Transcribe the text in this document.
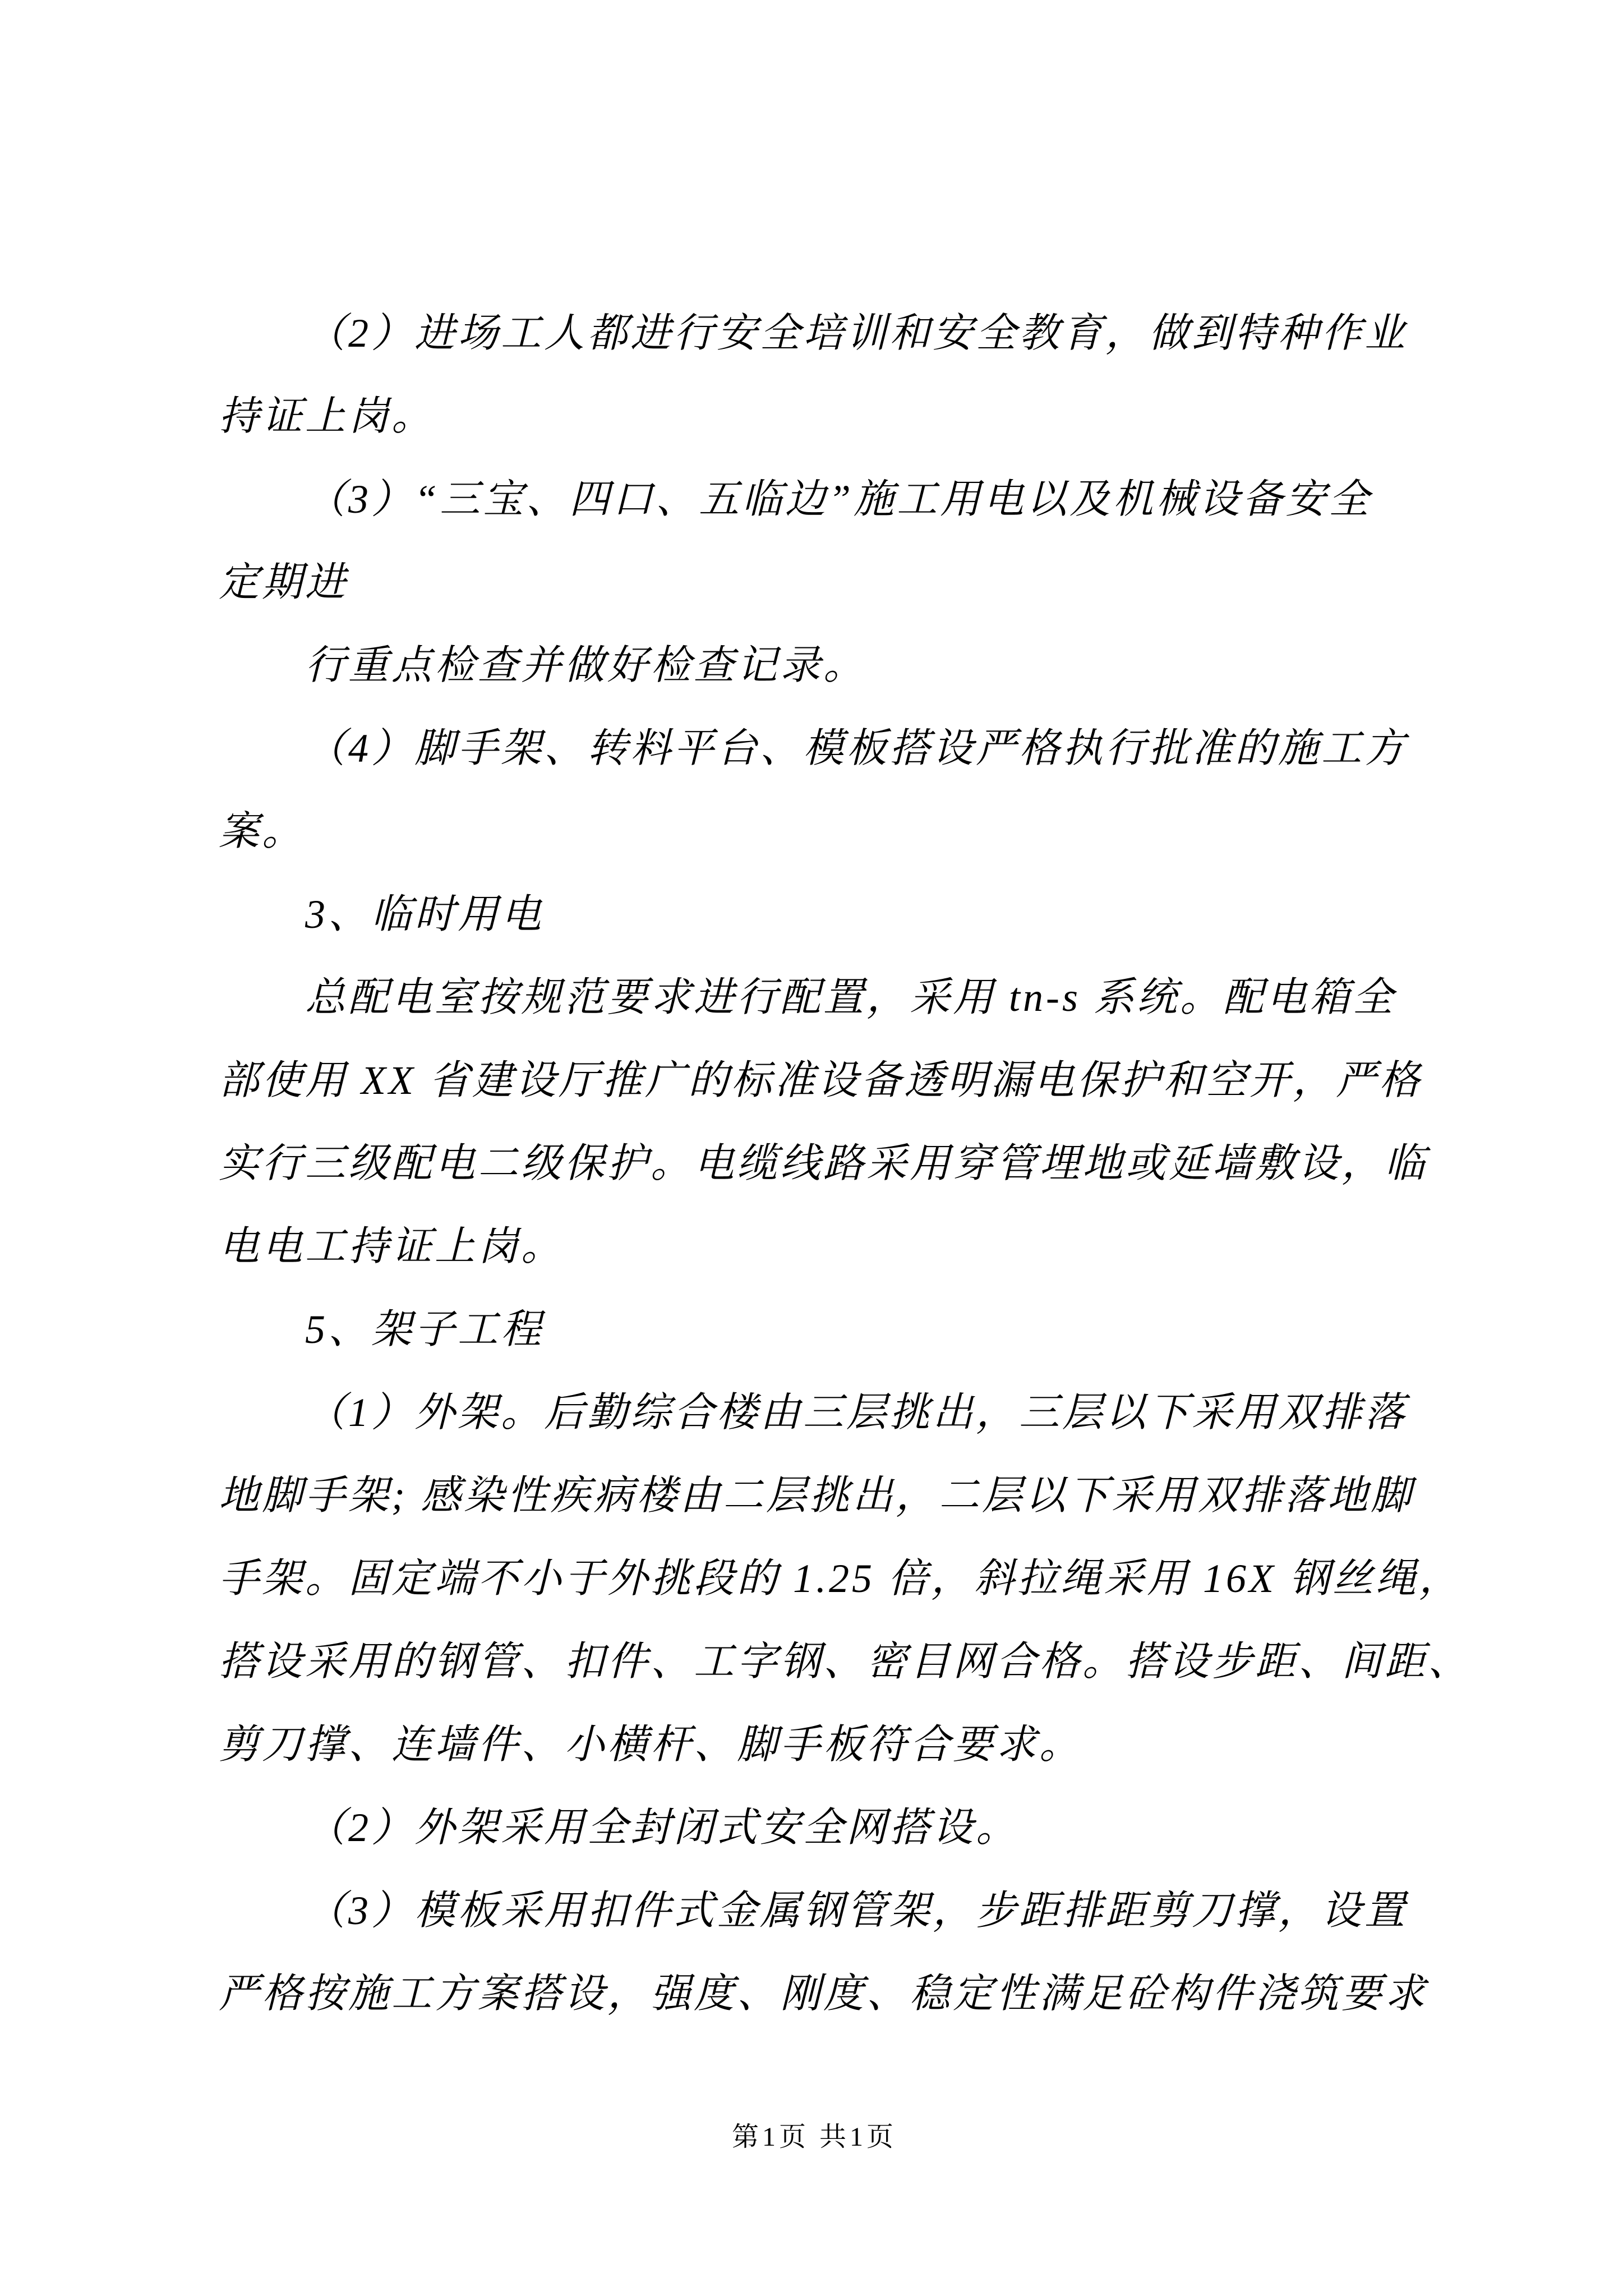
（2）进场工人都进行安全培训和安全教育，做到特种作业
持证上岗。
（3）“三宝、四口、五临边”施工用电以及机械设备安全
定期进
行重点检查并做好检查记录。
（4）脚手架、转料平台、模板搭设严格执行批准的施工方
案。
3、临时用电
总配电室按规范要求进行配置，采用 tn-s 系统。配电箱全
部使用 XX 省建设厅推广的标准设备透明漏电保护和空开，严格
实行三级配电二级保护。电缆线路采用穿管埋地或延墙敷设，临
电电工持证上岗。
5、架子工程
（1）外架。后勤综合楼由三层挑出，三层以下采用双排落
地脚手架; 感染性疾病楼由二层挑出，二层以下采用双排落地脚
手架。固定端不小于外挑段的 1.25 倍，斜拉绳采用 16X 钢丝绳，
搭设采用的钢管、扣件、工字钢、密目网合格。搭设步距、间距、
剪刀撑、连墙件、小横杆、脚手板符合要求。
（2）外架采用全封闭式安全网搭设。
（3）模板采用扣件式金属钢管架，步距排距剪刀撑，设置
严格按施工方案搭设，强度、刚度、稳定性满足砼构件浇筑要求
第1页 共1页
